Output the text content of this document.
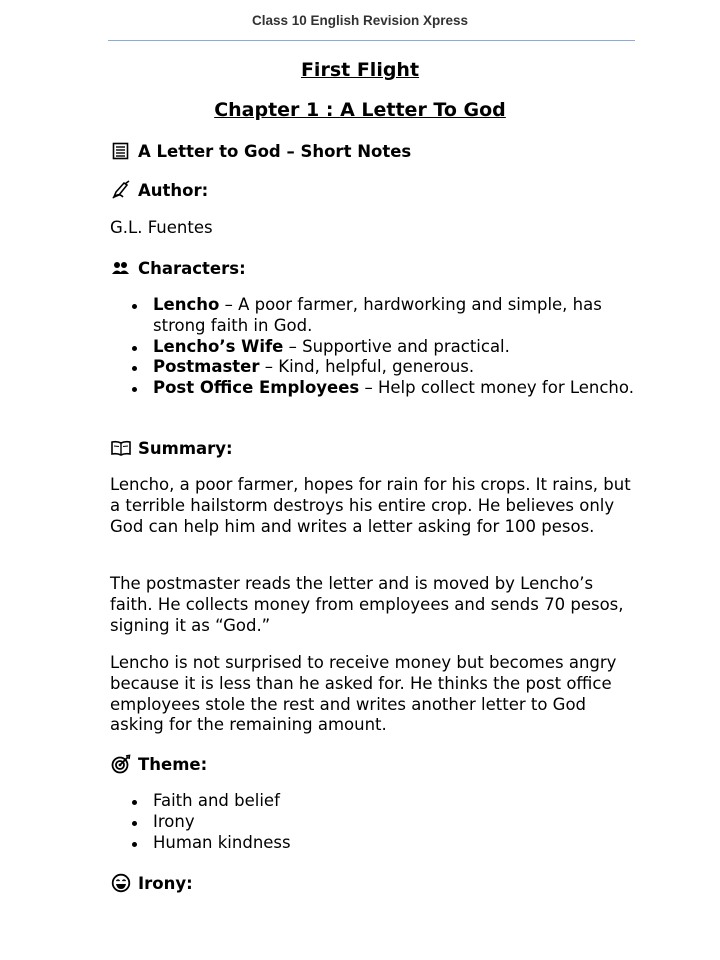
Class 10 English Revision Xpress
First Flight
Chapter 1 : A Letter To God
A Letter to God – Short Notes
Author:
G.L. Fuentes
Characters:
Lencho – A poor farmer, hardworking and simple, has strong faith in God.
Lencho’s Wife – Supportive and practical.
Postmaster – Kind, helpful, generous.
Post Office Employees – Help collect money for Lencho.
Summary:
Lencho, a poor farmer, hopes for rain for his crops. It rains, but a terrible hailstorm destroys his entire crop. He believes only God can help him and writes a letter asking for 100 pesos.
The postmaster reads the letter and is moved by Lencho’s faith. He collects money from employees and sends 70 pesos, signing it as “God.”
Lencho is not surprised to receive money but becomes angry because it is less than he asked for. He thinks the post office employees stole the rest and writes another letter to God asking for the remaining amount.
Theme:
Faith and belief
Irony
Human kindness
Irony:
